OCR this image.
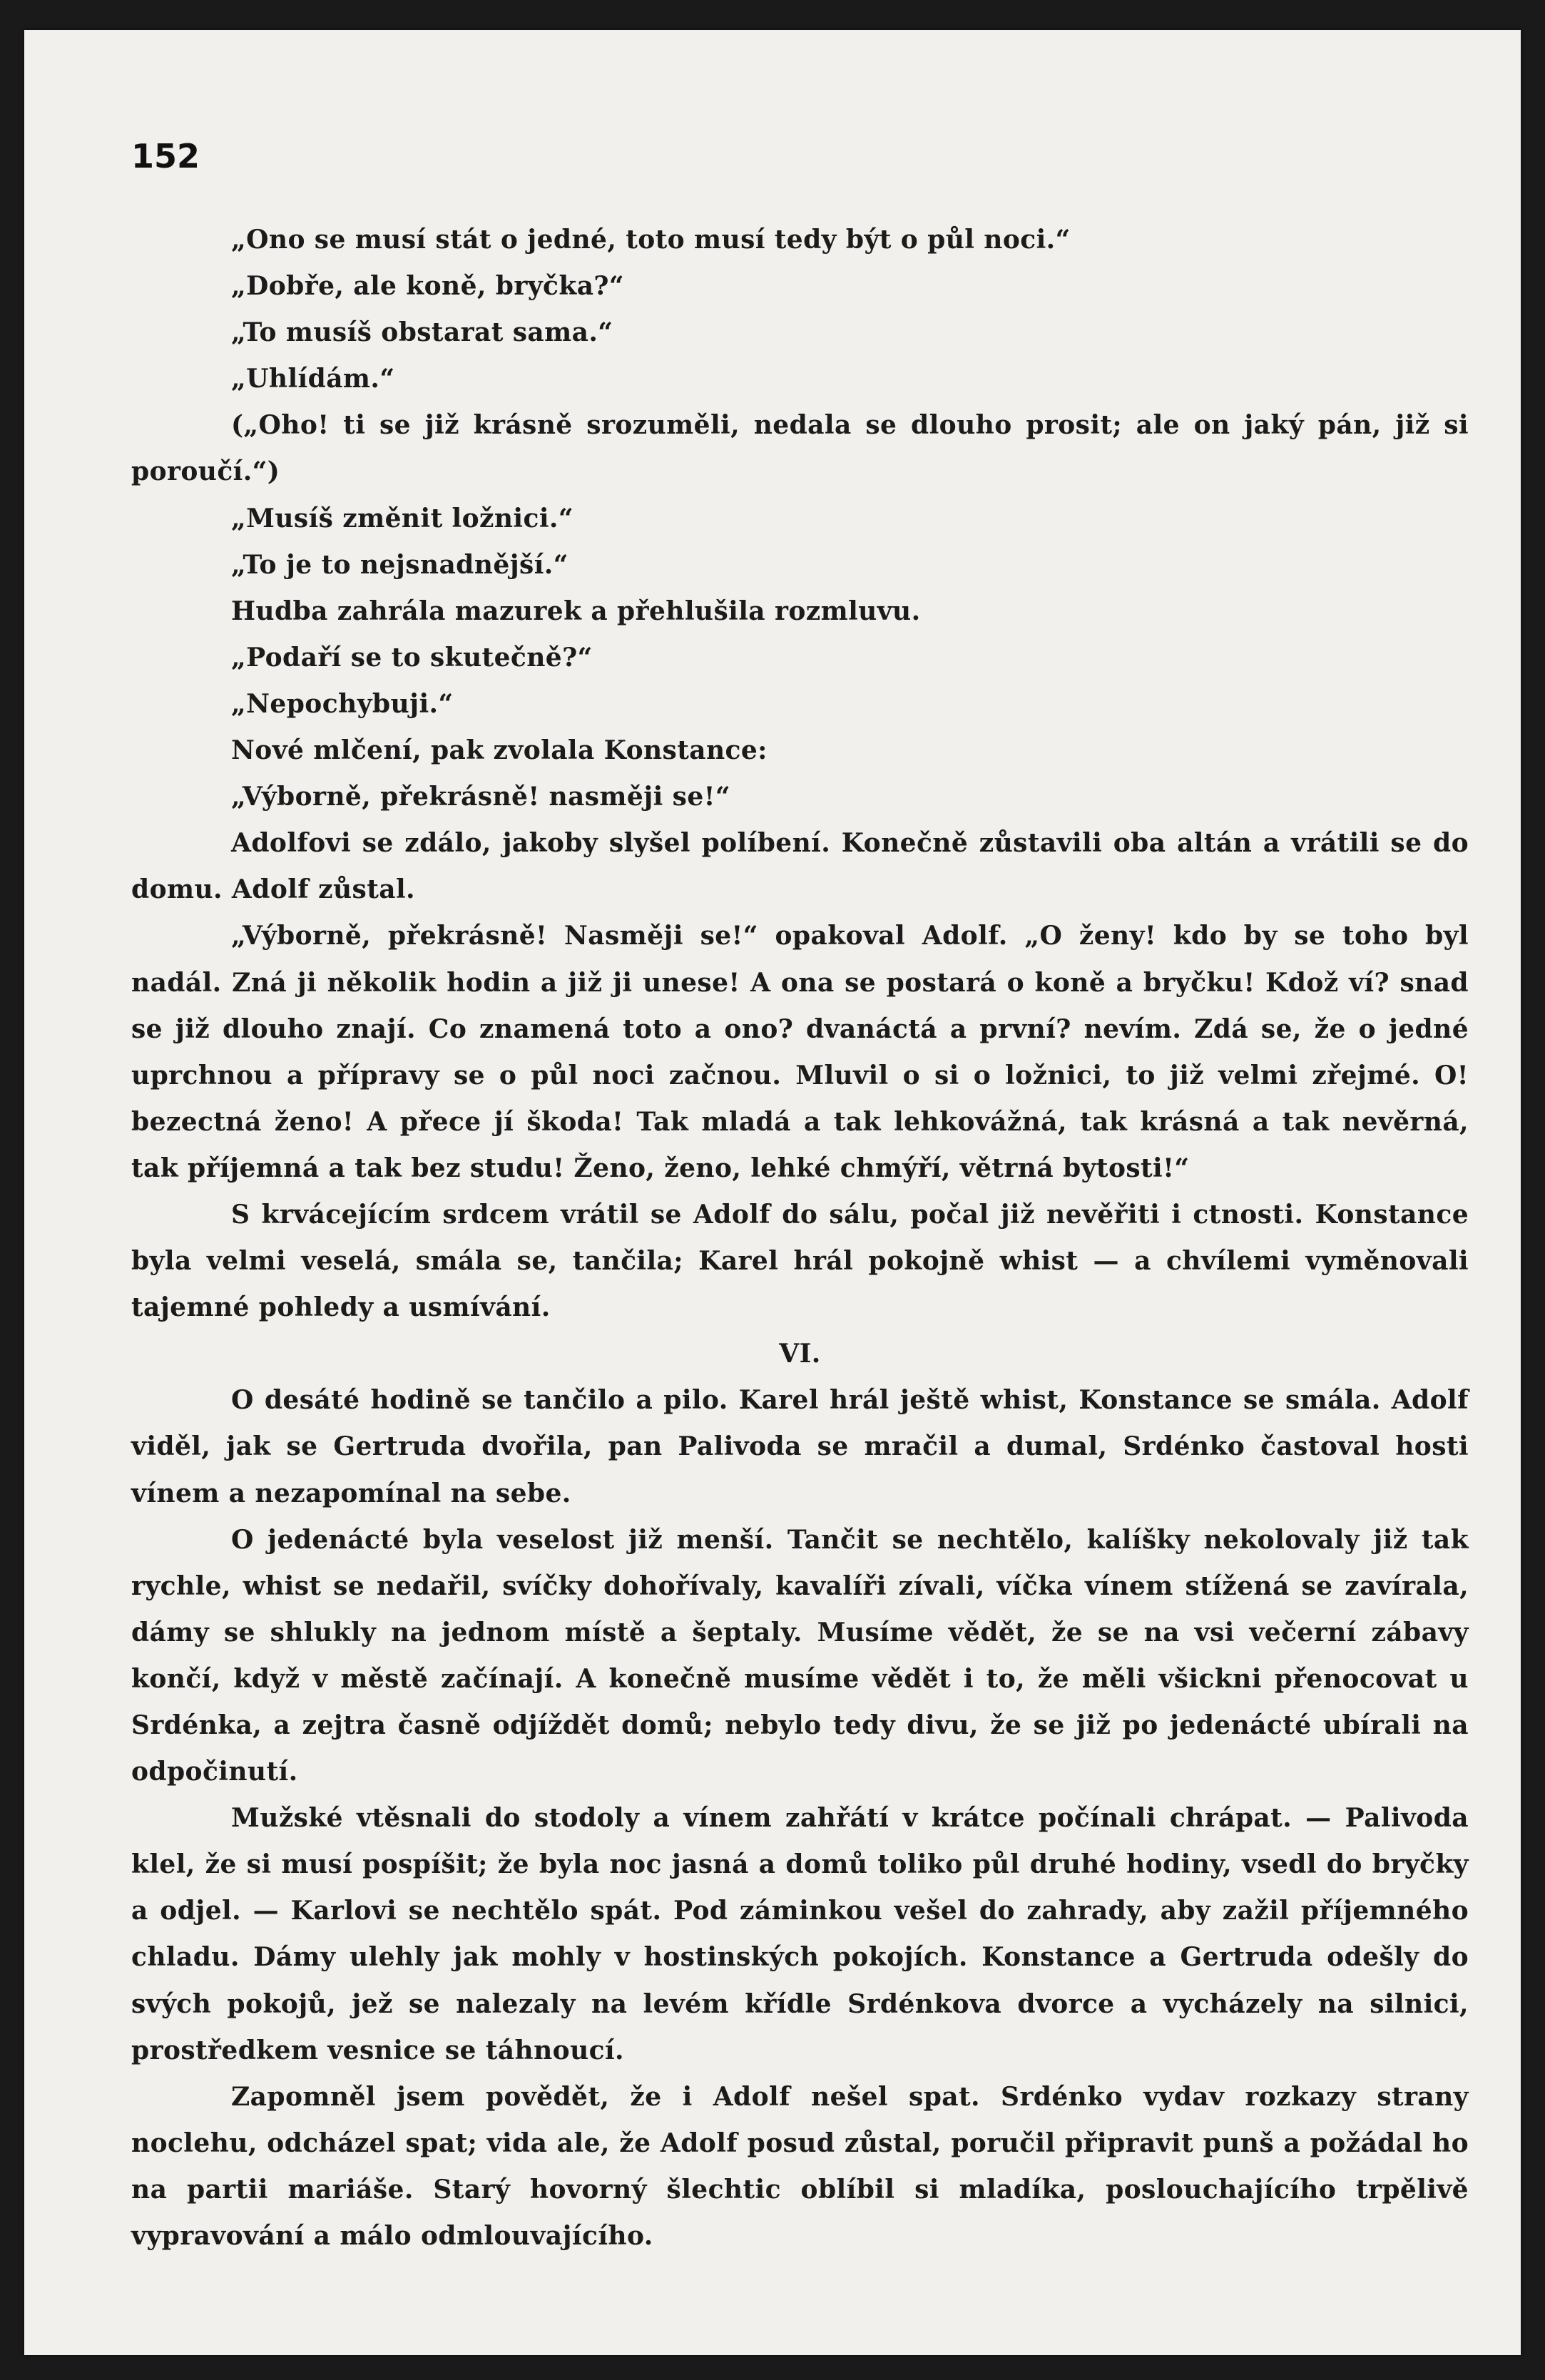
152

„Ono se musí stát o jedné, toto musí tedy být o půl noci.“

„Dobře, ale koně, bryčka?“

„To musíš obstarat sama.“

„Uhlídám.“

(„Oho! ti se již krásně srozuměli, nedala se dlouho prosit; ale on jaký pán, již si poroučí.“)

„Musíš změnit ložnici.“

„To je to nejsnadnější.“

Hudba zahrála mazurek a přehlušila rozmluvu.

„Podaří se to skutečně?“

„Nepochybuji.“

Nové mlčení, pak zvolala Konstance:

„Výborně, překrásně! nasměji se!“

Adolfovi se zdálo, jakoby slyšel políbení. Konečně zůstavili oba altán a vrátili se do domu. Adolf zůstal.

„Výborně, překrásně! Nasměji se!“ opakoval Adolf. „O ženy! kdo by se toho byl nadál. Zná ji několik hodin a již ji unese! A ona se postará o koně a bryčku! Kdož ví? snad se již dlouho znají. Co znamená toto a ono? dvanáctá a první? nevím. Zdá se, že o jedné uprchnou a přípravy se o půl noci začnou. Mluvil o si o ložnici, to již velmi zřejmé. O! bezectná ženo! A přece jí škoda! Tak mladá a tak lehkovážná, tak krásná a tak nevěrná, tak příjemná a tak bez studu! Ženo, ženo, lehké chmýří, větrná bytosti!“

S krvácejícím srdcem vrátil se Adolf do sálu, počal již nevěřiti i ctnosti. Konstance byla velmi veselá, smála se, tančila; Karel hrál pokojně whist — a chvílemi vyměnovali tajemné pohledy a usmívání.

VI.

O desáté hodině se tančilo a pilo. Karel hrál ještě whist, Konstance se smála. Adolf viděl, jak se Gertruda dvořila, pan Palivoda se mračil a dumal, Srdénko častoval hosti vínem a nezapomínal na sebe.

O jedenácté byla veselost již menší. Tančit se nechtělo, kalíšky nekolovaly již tak rychle, whist se nedařil, svíčky dohořívaly, kavalíři zívali, víčka vínem stížená se zavírala, dámy se shlukly na jednom místě a šeptaly. Musíme vědět, že se na vsi večerní zábavy končí, když v městě začínají. A konečně musíme vědět i to, že měli všickni přenocovat u Srdénka, a zejtra časně odjíždět domů; nebylo tedy divu, že se již po jedenácté ubírali na odpočinutí.

Mužské vtěsnali do stodoly a vínem zahřátí v krátce počínali chrápat. — Palivoda klel, že si musí pospíšit; že byla noc jasná a domů toliko půl druhé hodiny, vsedl do bryčky a odjel. — Karlovi se nechtělo spát. Pod záminkou vešel do zahrady, aby zažil příjemného chladu. Dámy ulehly jak mohly v hostinských pokojích. Konstance a Gertruda odešly do svých pokojů, jež se nalezaly na levém křídle Srdénkova dvorce a vycházely na silnici, prostředkem vesnice se táhnoucí.

Zapomněl jsem povědět, že i Adolf nešel spat. Srdénko vydav rozkazy strany noclehu, odcházel spat; vida ale, že Adolf posud zůstal, poručil připravit punš a požádal ho na partii mariáše. Starý hovorný šlechtic oblíbil si mladíka, poslouchajícího trpělivě vypravování a málo odmlouvajícího.
